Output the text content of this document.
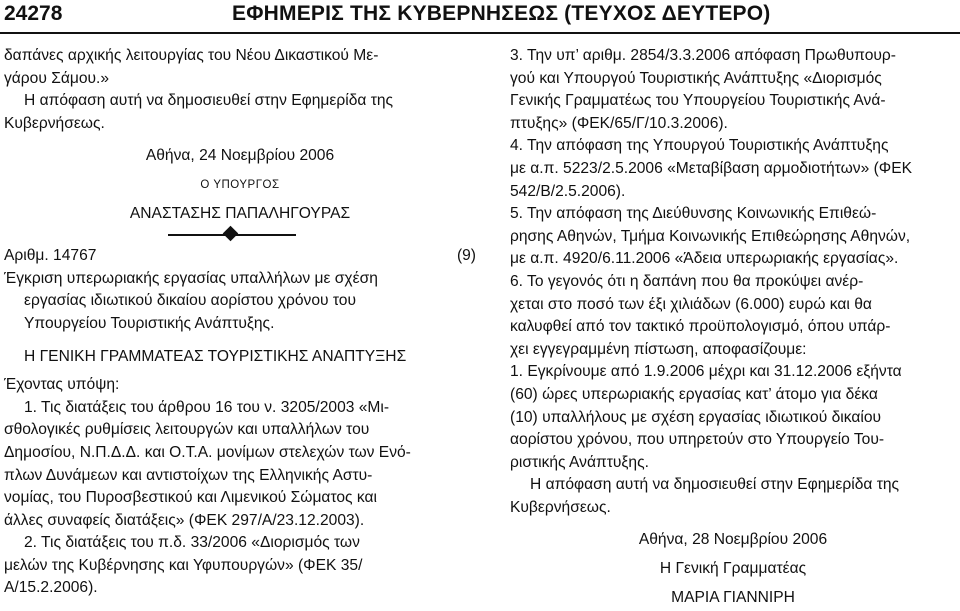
24278	ΕΦΗΜΕΡΙΣ ΤΗΣ ΚΥΒΕΡΝΗΣΕΩΣ (ΤΕΥΧΟΣ ΔΕΥΤΕΡΟ)

δαπάνες αρχικής λειτουργίας του Νέου Δικαστικού Με-

γάρου Σάμου.»

Η απόφαση αυτή να δημοσιευθεί στην Εφημερίδα της

Κυβερνήσεως.

Αθήνα, 24 Νοεμβρίου 2006

Ο ΥΠΟΥΡΓΟΣ

ΑΝΑΣΤΑΣΗΣ ΠΑΠΑΛΗΓΟΥΡΑΣ

Αριθμ. 14767	(9)

Έγκριση υπερωριακής εργασίας υπαλλήλων με σχέση

εργασίας ιδιωτικού δικαίου αορίστου χρόνου του

Υπουργείου Τουριστικής Ανάπτυξης.

Η ΓΕΝΙΚΗ ΓΡΑΜΜΑΤΕΑΣ ΤΟΥΡΙΣΤΙΚΗΣ ΑΝΑΠΤΥΞΗΣ

Έχοντας υπόψη:

1. Τις διατάξεις του άρθρου 16 του ν. 3205/2003 «Μι-

σθολογικές ρυθμίσεις λειτουργών και υπαλλήλων του

Δημοσίου, Ν.Π.Δ.Δ. και Ο.Τ.Α. μονίμων στελεχών των Ενό-

πλων Δυνάμεων και αντιστοίχων της Ελληνικής Αστυ-

νομίας, του Πυροσβεστικού και Λιμενικού Σώματος και

άλλες συναφείς διατάξεις» (ΦΕΚ 297/Α/23.12.2003).

2. Τις διατάξεις του π.δ. 33/2006 «Διορισμός των

μελών της Κυβέρνησης και Υφυπουργών» (ΦΕΚ 35/

Α/15.2.2006).

3. Την υπ’ αριθμ. 2854/3.3.2006 απόφαση Πρωθυπουρ-

γού και Υπουργού Τουριστικής Ανάπτυξης «Διορισμός

Γενικής Γραμματέως του Υπουργείου Τουριστικής Ανά-

πτυξης» (ΦΕΚ/65/Γ/10.3.2006).

4. Την απόφαση της Υπουργού Τουριστικής Ανάπτυξης

με α.π. 5223/2.5.2006 «Μεταβίβαση αρμοδιοτήτων» (ΦΕΚ

542/Β/2.5.2006).

5. Την απόφαση της Διεύθυνσης Κοινωνικής Επιθεώ-

ρησης Αθηνών, Τμήμα Κοινωνικής Επιθεώρησης Αθηνών,

με α.π. 4920/6.11.2006 «Άδεια υπερωριακής εργασίας».

6. Το γεγονός ότι η δαπάνη που θα προκύψει ανέρ-

χεται στο ποσό των έξι χιλιάδων (6.000) ευρώ και θα

καλυφθεί από τον τακτικό προϋπολογισμό, όπου υπάρ-

χει εγγεγραμμένη πίστωση, αποφασίζουμε:

1. Εγκρίνουμε από 1.9.2006 μέχρι και 31.12.2006 εξήντα

(60) ώρες υπερωριακής εργασίας κατ’ άτομο για δέκα

(10) υπαλλήλους με σχέση εργασίας ιδιωτικού δικαίου

αορίστου χρόνου, που υπηρετούν στο Υπουργείο Του-

ριστικής Ανάπτυξης.

Η απόφαση αυτή να δημοσιευθεί στην Εφημερίδα της

Κυβερνήσεως.

Αθήνα, 28 Νοεμβρίου 2006

Η Γενική Γραμματέας

ΜΑΡΙΑ ΓΙΑΝΝΙΡΗ
